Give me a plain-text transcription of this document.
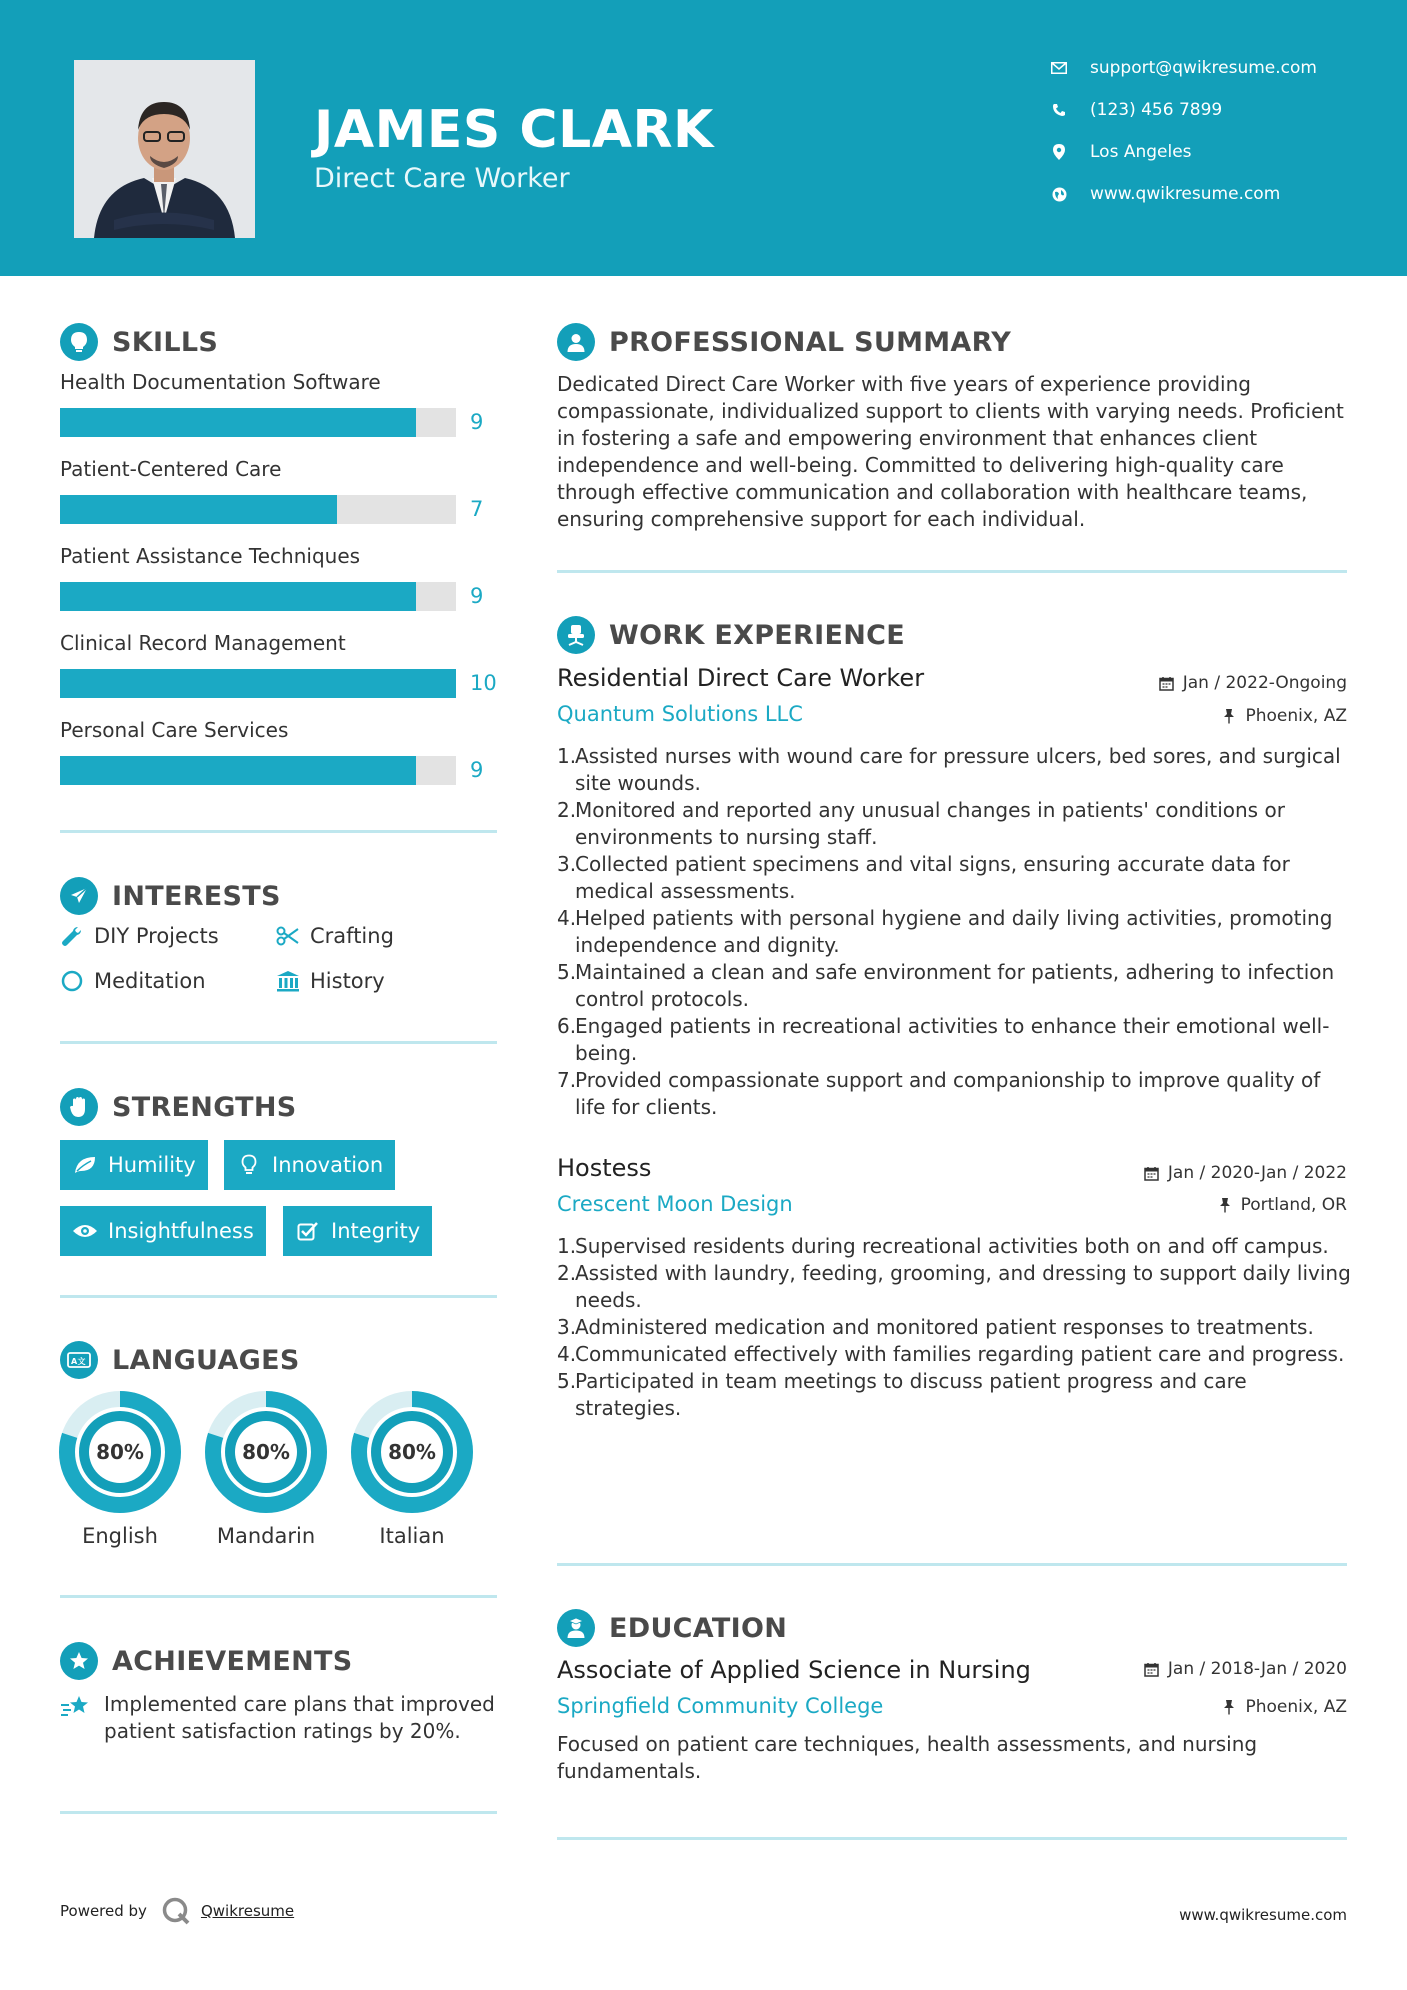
JAMES CLARK
Direct Care Worker
support@qwikresume.com
(123) 456 7899
Los Angeles
www.qwikresume.com
SKILLS
Health Documentation Software
9
Patient-Centered Care
7
Patient Assistance Techniques
9
Clinical Record Management
10
Personal Care Services
9
INTERESTS
DIY Projects	Crafting
Meditation	History
STRENGTHS
Humility	Innovation
Insightfulness	Integrity
A文 LANGUAGES
80%
English
80%
Mandarin
80%
Italian
ACHIEVEMENTS
Implemented care plans that improved patient satisfaction ratings by 20%.
PROFESSIONAL SUMMARY
Dedicated Direct Care Worker with five years of experience providing compassionate, individualized support to clients with varying needs. Proficient in fostering a safe and empowering environment that enhances client independence and well-being. Committed to delivering high-quality care through effective communication and collaboration with healthcare teams, ensuring comprehensive support for each individual.
WORK EXPERIENCE
Residential Direct Care Worker	Jan / 2022-Ongoing
Quantum Solutions LLC	Phoenix, AZ
Assisted nurses with wound care for pressure ulcers, bed sores, and surgical site wounds.
Monitored and reported any unusual changes in patients' conditions or environments to nursing staff.
Collected patient specimens and vital signs, ensuring accurate data for medical assessments.
Helped patients with personal hygiene and daily living activities, promoting independence and dignity.
Maintained a clean and safe environment for patients, adhering to infection control protocols.
Engaged patients in recreational activities to enhance their emotional well-being.
Provided compassionate support and companionship to improve quality of life for clients.
Hostess	Jan / 2020-Jan / 2022
Crescent Moon Design	Portland, OR
Supervised residents during recreational activities both on and off campus.
Assisted with laundry, feeding, grooming, and dressing to support daily living needs.
Administered medication and monitored patient responses to treatments.
Communicated effectively with families regarding patient care and progress.
Participated in team meetings to discuss patient progress and care strategies.
EDUCATION
Associate of Applied Science in Nursing	Jan / 2018-Jan / 2020
Springfield Community College	Phoenix, AZ
Focused on patient care techniques, health assessments, and nursing fundamentals.
Powered by	Qwikresume	www.qwikresume.com
